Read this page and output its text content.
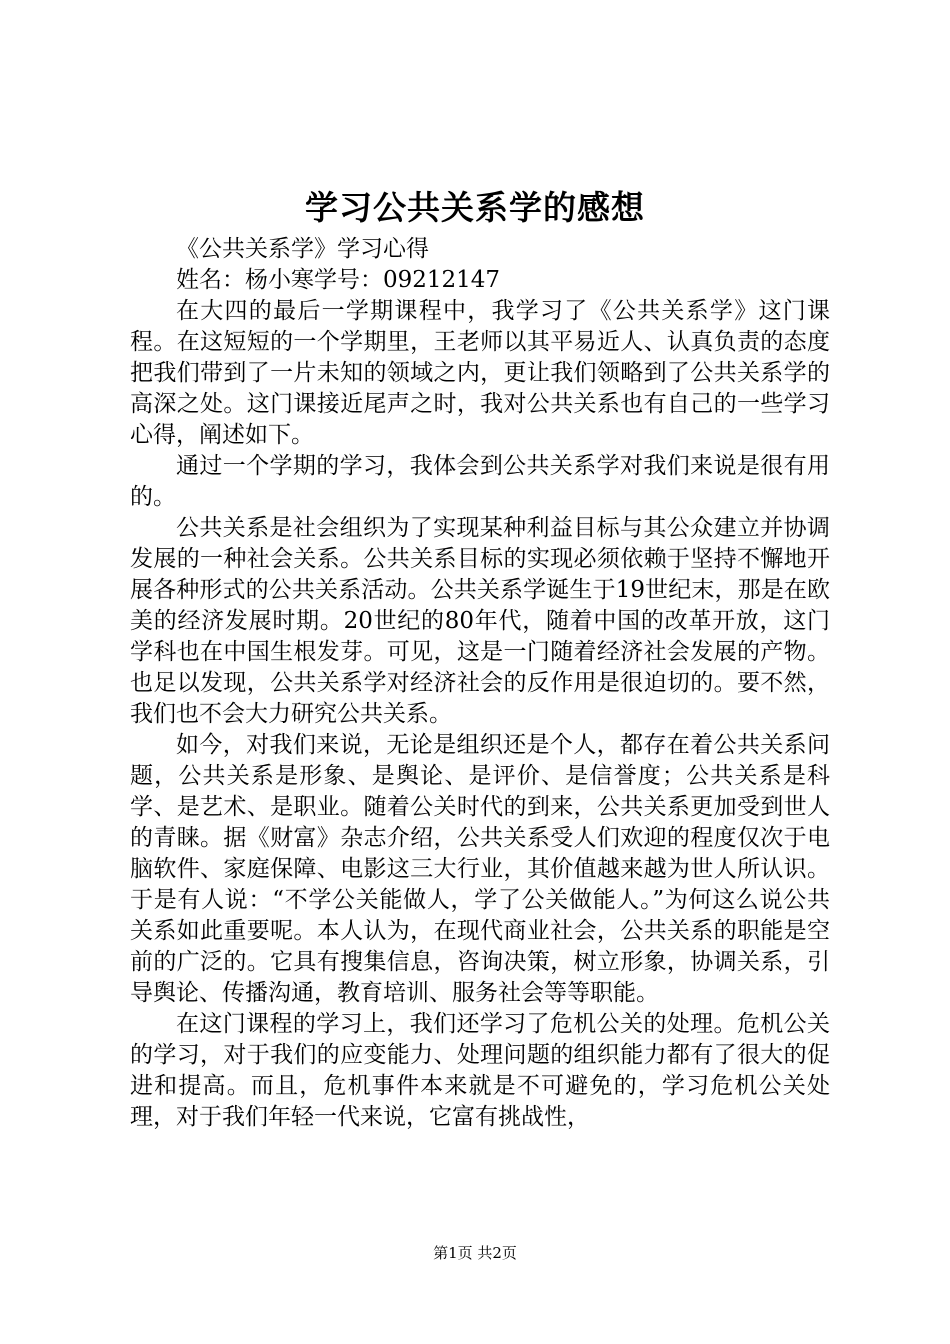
学习公共关系学的感想

《公共关系学》学习心得

姓名：杨小寒学号：09212147

在大四的最后一学期课程中，我学习了《公共关系学》这门课程。在这短短的一个学期里，王老师以其平易近人、认真负责的态度把我们带到了一片未知的领域之内，更让我们领略到了公共关系学的高深之处。这门课接近尾声之时，我对公共关系也有自己的一些学习心得，阐述如下。

通过一个学期的学习，我体会到公共关系学对我们来说是很有用的。

公共关系是社会组织为了实现某种利益目标与其公众建立并协调发展的一种社会关系。公共关系目标的实现必须依赖于坚持不懈地开展各种形式的公共关系活动。公共关系学诞生于19世纪末，那是在欧美的经济发展时期。20世纪的80年代，随着中国的改革开放，这门学科也在中国生根发芽。可见，这是一门随着经济社会发展的产物。也足以发现，公共关系学对经济社会的反作用是很迫切的。要不然，我们也不会大力研究公共关系。

如今，对我们来说，无论是组织还是个人，都存在着公共关系问题，公共关系是形象、是舆论、是评价、是信誉度；公共关系是科学、是艺术、是职业。随着公关时代的到来，公共关系更加受到世人的青睐。据《财富》杂志介绍，公共关系受人们欢迎的程度仅次于电脑软件、家庭保障、电影这三大行业，其价值越来越为世人所认识。于是有人说：“不学公关能做人，学了公关做能人。”为何这么说公共关系如此重要呢。本人认为，在现代商业社会，公共关系的职能是空前的广泛的。它具有搜集信息，咨询决策，树立形象，协调关系，引导舆论、传播沟通，教育培训、服务社会等等职能。

在这门课程的学习上，我们还学习了危机公关的处理。危机公关的学习，对于我们的应变能力、处理问题的组织能力都有了很大的促进和提高。而且，危机事件本来就是不可避免的，学习危机公关处理，对于我们年轻一代来说，它富有挑战性，

第1页 共2页
